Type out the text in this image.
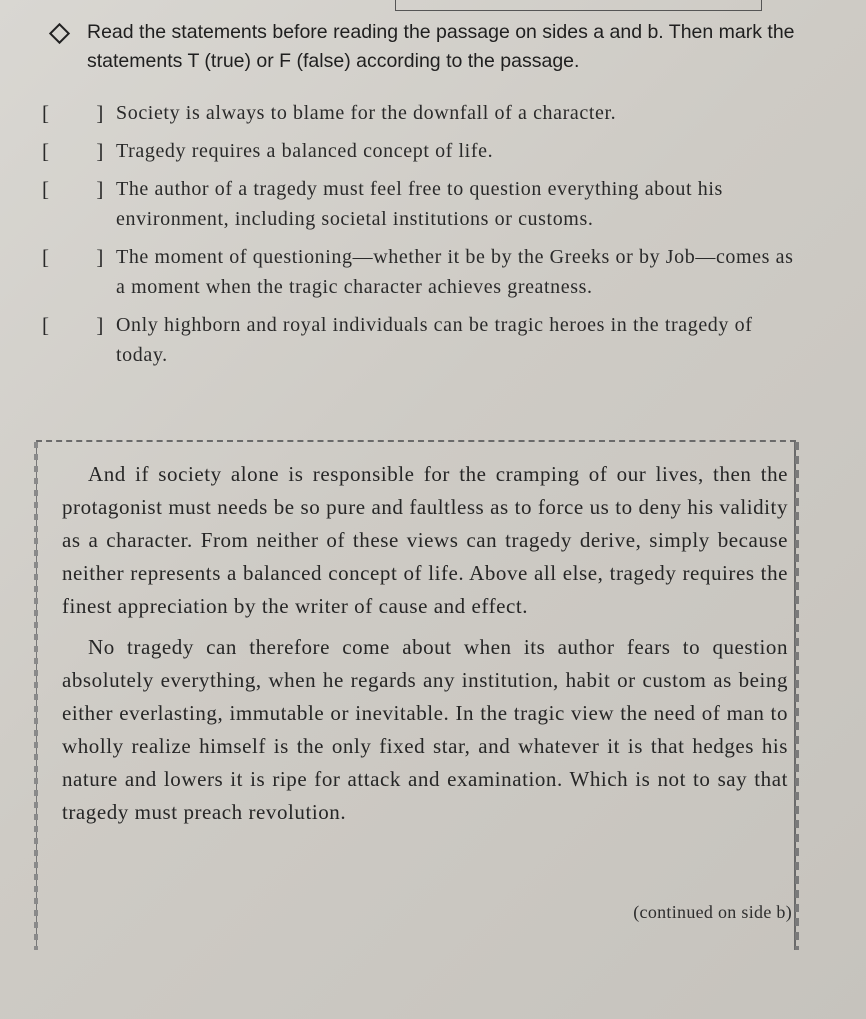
Read the statements before reading the passage on sides a and b. Then mark the statements T (true) or F (false) according to the passage.
[ ] Society is always to blame for the downfall of a character.
[ ] Tragedy requires a balanced concept of life.
[ ] The author of a tragedy must feel free to question everything about his environment, including societal institutions or customs.
[ ] The moment of questioning—whether it be by the Greeks or by Job—comes as a moment when the tragic character achieves greatness.
[ ] Only highborn and royal individuals can be tragic heroes in the tragedy of today.

And if society alone is responsible for the cramping of our lives, then the protagonist must needs be so pure and faultless as to force us to deny his validity as a character. From neither of these views can tragedy derive, simply because neither represents a balanced concept of life. Above all else, tragedy requires the finest appreciation by the writer of cause and effect.

No tragedy can therefore come about when its author fears to question absolutely everything, when he regards any institution, habit or custom as being either everlasting, immutable or inevitable. In the tragic view the need of man to wholly realize himself is the only fixed star, and whatever it is that hedges his nature and lowers it is ripe for attack and examination. Which is not to say that tragedy must preach revolution.

(continued on side b)
